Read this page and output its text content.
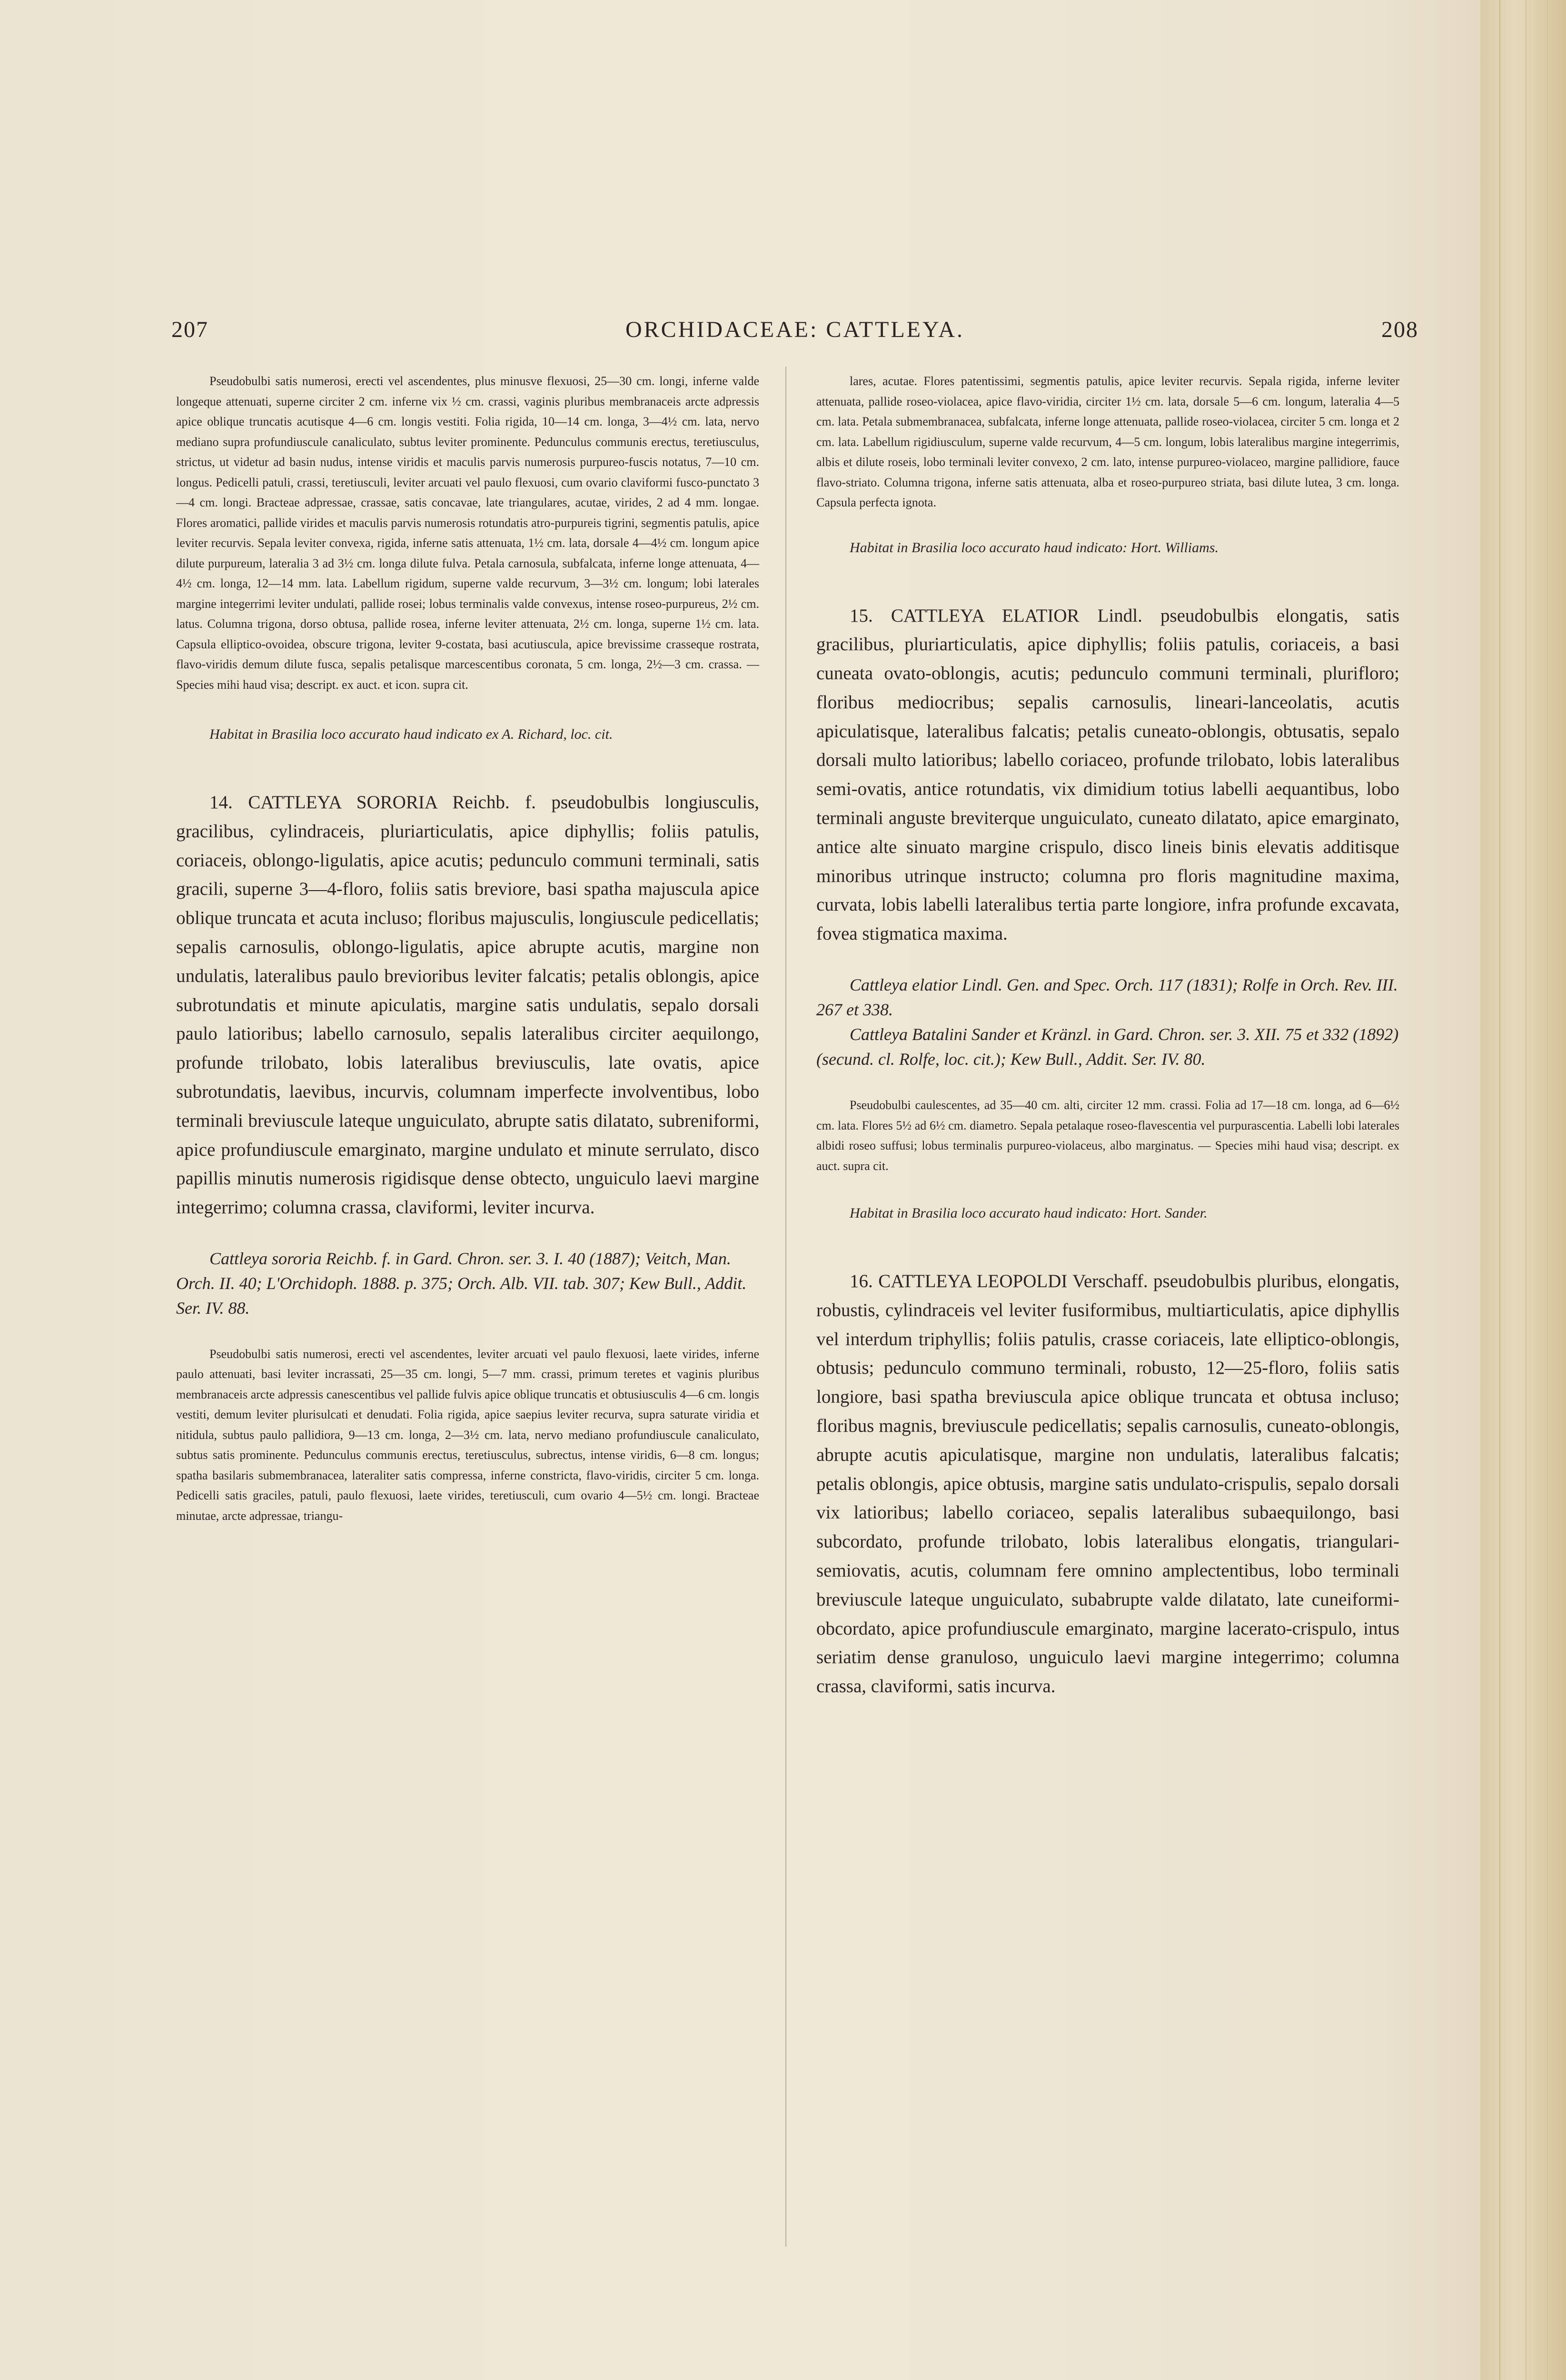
207	ORCHIDACEAE: CATTLEYA.	208

Pseudobulbi satis numerosi, erecti vel ascendentes, plus minusve flexuosi, 25—30 cm. longi, inferne valde longeque attenuati, superne circiter 2 cm. inferne vix ½ cm. crassi, vaginis pluribus membranaceis arcte adpressis apice oblique truncatis acutisque 4—6 cm. longis vestiti. Folia rigida, 10—14 cm. longa, 3—4½ cm. lata, nervo mediano supra profundiuscule canaliculato, subtus leviter prominente. Pedunculus communis erectus, teretiusculus, strictus, ut videtur ad basin nudus, intense viridis et maculis parvis numerosis purpureo-fuscis notatus, 7—10 cm. longus. Pedicelli patuli, crassi, teretiusculi, leviter arcuati vel paulo flexuosi, cum ovario claviformi fusco-punctato 3—4 cm. longi. Bracteae adpressae, crassae, satis concavae, late triangulares, acutae, virides, 2 ad 4 mm. longae. Flores aromatici, pallide virides et maculis parvis numerosis rotundatis atro-purpureis tigrini, segmentis patulis, apice leviter recurvis. Sepala leviter convexa, rigida, inferne satis attenuata, 1½ cm. lata, dorsale 4—4½ cm. longum apice dilute purpureum, lateralia 3 ad 3½ cm. longa dilute fulva. Petala carnosula, subfalcata, inferne longe attenuata, 4—4½ cm. longa, 12—14 mm. lata. Labellum rigidum, superne valde recurvum, 3—3½ cm. longum; lobi laterales margine integerrimi leviter undulati, pallide rosei; lobus terminalis valde convexus, intense roseo-purpureus, 2½ cm. latus. Columna trigona, dorso obtusa, pallide rosea, inferne leviter attenuata, 2½ cm. longa, superne 1½ cm. lata. Capsula elliptico-ovoidea, obscure trigona, leviter 9-costata, basi acutiuscula, apice brevissime crasseque rostrata, flavo-viridis demum dilute fusca, sepalis petalisque marcescentibus coronata, 5 cm. longa, 2½—3 cm. crassa. — Species mihi haud visa; descript. ex auct. et icon. supra cit.

Habitat in Brasilia loco accurato haud indicato ex A. Richard, loc. cit.

14. CATTLEYA SORORIA Reichb. f. pseudobulbis longiusculis, gracilibus, cylindraceis, pluriarticulatis, apice diphyllis; foliis patulis, coriaceis, oblongo-ligulatis, apice acutis; pedunculo communi terminali, satis gracili, superne 3—4-floro, foliis satis breviore, basi spatha majuscula apice oblique truncata et acuta incluso; floribus majusculis, longiuscule pedicellatis; sepalis carnosulis, oblongo-ligulatis, apice abrupte acutis, margine non undulatis, lateralibus paulo brevioribus leviter falcatis; petalis oblongis, apice subrotundatis et minute apiculatis, margine satis undulatis, sepalo dorsali paulo latioribus; labello carnosulo, sepalis lateralibus circiter aequilongo, profunde trilobato, lobis lateralibus breviusculis, late ovatis, apice subrotundatis, laevibus, incurvis, columnam imperfecte involventibus, lobo terminali breviuscule lateque unguiculato, abrupte satis dilatato, subreniformi, apice profundiuscule emarginato, margine undulato et minute serrulato, disco papillis minutis numerosis rigidisque dense obtecto, unguiculo laevi margine integerrimo; columna crassa, claviformi, leviter incurva.

Cattleya sororia Reichb. f. in Gard. Chron. ser. 3. I. 40 (1887); Veitch, Man. Orch. II. 40; L'Orchidoph. 1888. p. 375; Orch. Alb. VII. tab. 307; Kew Bull., Addit. Ser. IV. 88.

Pseudobulbi satis numerosi, erecti vel ascendentes, leviter arcuati vel paulo flexuosi, laete virides, inferne paulo attenuati, basi leviter incrassati, 25—35 cm. longi, 5—7 mm. crassi, primum teretes et vaginis pluribus membranaceis arcte adpressis canescentibus vel pallide fulvis apice oblique truncatis et obtusiusculis 4—6 cm. longis vestiti, demum leviter plurisulcati et denudati. Folia rigida, apice saepius leviter recurva, supra saturate viridia et nitidula, subtus paulo pallidiora, 9—13 cm. longa, 2—3½ cm. lata, nervo mediano profundiuscule canaliculato, subtus satis prominente. Pedunculus communis erectus, teretiusculus, subrectus, intense viridis, 6—8 cm. longus; spatha basilaris submembranacea, lateraliter satis compressa, inferne constricta, flavo-viridis, circiter 5 cm. longa. Pedicelli satis graciles, patuli, paulo flexuosi, laete virides, teretiusculi, cum ovario 4—5½ cm. longi. Bracteae minutae, arcte adpressae, triangu-

lares, acutae. Flores patentissimi, segmentis patulis, apice leviter recurvis. Sepala rigida, inferne leviter attenuata, pallide roseo-violacea, apice flavo-viridia, circiter 1½ cm. lata, dorsale 5—6 cm. longum, lateralia 4—5 cm. lata. Petala submembranacea, subfalcata, inferne longe attenuata, pallide roseo-violacea, circiter 5 cm. longa et 2 cm. lata. Labellum rigidiusculum, superne valde recurvum, 4—5 cm. longum, lobis lateralibus margine integerrimis, albis et dilute roseis, lobo terminali leviter convexo, 2 cm. lato, intense purpureo-violaceo, margine pallidiore, fauce flavo-striato. Columna trigona, inferne satis attenuata, alba et roseo-purpureo striata, basi dilute lutea, 3 cm. longa. Capsula perfecta ignota.

Habitat in Brasilia loco accurato haud indicato: Hort. Williams.

15. CATTLEYA ELATIOR Lindl. pseudobulbis elongatis, satis gracilibus, pluriarticulatis, apice diphyllis; foliis patulis, coriaceis, a basi cuneata ovato-oblongis, acutis; pedunculo communi terminali, plurifloro; floribus mediocribus; sepalis carnosulis, lineari-lanceolatis, acutis apiculatisque, lateralibus falcatis; petalis cuneato-oblongis, obtusatis, sepalo dorsali multo latioribus; labello coriaceo, profunde trilobato, lobis lateralibus semi-ovatis, antice rotundatis, vix dimidium totius labelli aequantibus, lobo terminali anguste breviterque unguiculato, cuneato dilatato, apice emarginato, antice alte sinuato margine crispulo, disco lineis binis elevatis additisque minoribus utrinque instructo; columna pro floris magnitudine maxima, curvata, lobis labelli lateralibus tertia parte longiore, infra profunde excavata, fovea stigmatica maxima.

Cattleya elatior Lindl. Gen. and Spec. Orch. 117 (1831); Rolfe in Orch. Rev. III. 267 et 338.

Cattleya Batalini Sander et Kränzl. in Gard. Chron. ser. 3. XII. 75 et 332 (1892) (secund. cl. Rolfe, loc. cit.); Kew Bull., Addit. Ser. IV. 80.

Pseudobulbi caulescentes, ad 35—40 cm. alti, circiter 12 mm. crassi. Folia ad 17—18 cm. longa, ad 6—6½ cm. lata. Flores 5½ ad 6½ cm. diametro. Sepala petalaque roseo-flavescentia vel purpurascentia. Labelli lobi laterales albidi roseo suffusi; lobus terminalis purpureo-violaceus, albo marginatus. — Species mihi haud visa; descript. ex auct. supra cit.

Habitat in Brasilia loco accurato haud indicato: Hort. Sander.

16. CATTLEYA LEOPOLDI Verschaff. pseudobulbis pluribus, elongatis, robustis, cylindraceis vel leviter fusiformibus, multiarticulatis, apice diphyllis vel interdum triphyllis; foliis patulis, crasse coriaceis, late elliptico-oblongis, obtusis; pedunculo communo terminali, robusto, 12—25-floro, foliis satis longiore, basi spatha breviuscula apice oblique truncata et obtusa incluso; floribus magnis, breviuscule pedicellatis; sepalis carnosulis, cuneato-oblongis, abrupte acutis apiculatisque, margine non undulatis, lateralibus falcatis; petalis oblongis, apice obtusis, margine satis undulato-crispulis, sepalo dorsali vix latioribus; labello coriaceo, sepalis lateralibus subaequilongo, basi subcordato, profunde trilobato, lobis lateralibus elongatis, triangulari-semiovatis, acutis, columnam fere omnino amplectentibus, lobo terminali breviuscule lateque unguiculato, subabrupte valde dilatato, late cuneiformi-obcordato, apice profundiuscule emarginato, margine lacerato-crispulo, intus seriatim dense granuloso, unguiculo laevi margine integerrimo; columna crassa, claviformi, satis incurva.
